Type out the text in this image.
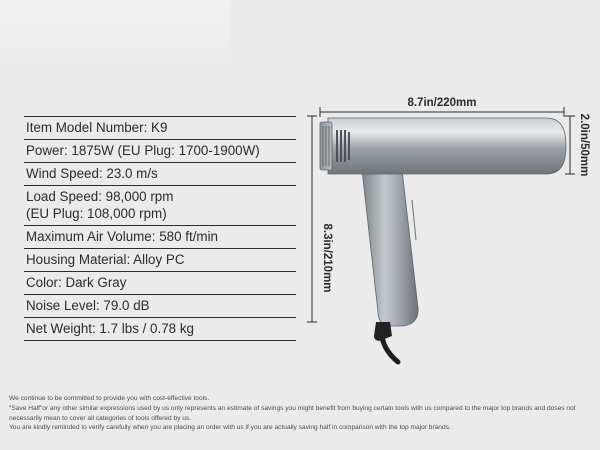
Item Model Number: K9
Power: 1875W (EU Plug: 1700-1900W)
Wind Speed: 23.0 m/s
Load Speed: 98,000 rpm
(EU Plug: 108,000 rpm)
Maximum Air Volume: 580 ft/min
Housing Material: Alloy PC
Color: Dark Gray
Noise Level: 79.0 dB
Net Weight: 1.7 lbs / 0.78 kg
8.7in/220mm
2.0in/50mm
8.3in/210mm

We continue to be committed to provide you with cost-effective tools.

"Save Half"or any other similar expressions used by us only represents an estimate of savings you might benefit from buying certain tools with us compared to the major top brands and doses not necessarily mean to cover all categories of tools offered by us.

You are kindly reminded to verify carefully when you are placing an order with us if you are actually saving half in comparison with the top major brands.
